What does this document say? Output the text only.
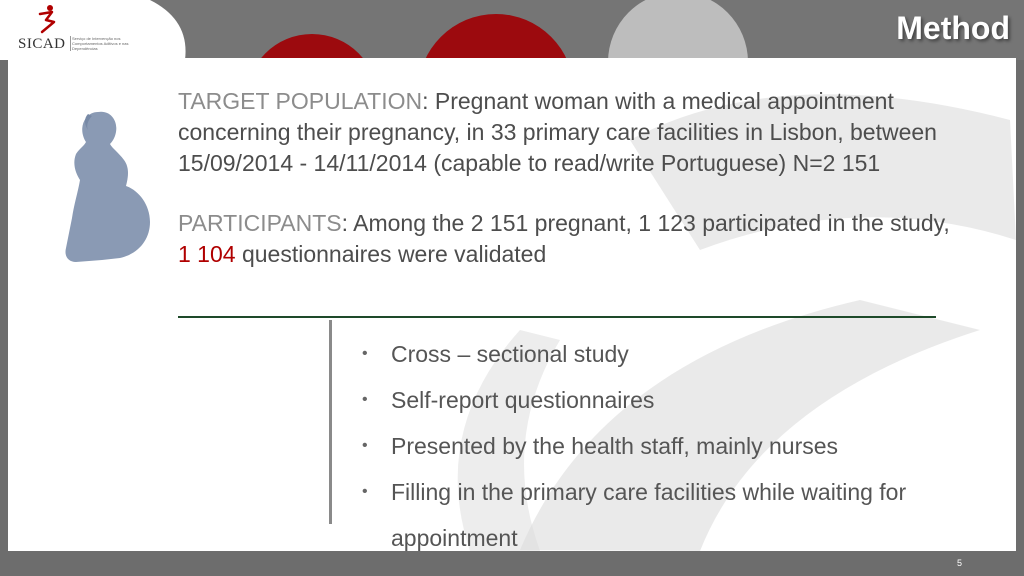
SICAD Serviço de Intervenção nos Comportamentos Aditivos e nas Dependências
Method

TARGET POPULATION: Pregnant woman with a medical appointment concerning their pregnancy, in 33 primary care facilities in Lisbon, between 15/09/2014 - 14/11/2014 (capable to read/write Portuguese) N=2 151

PARTICIPANTS: Among the 2 151 pregnant, 1 123 participated in the study, 1 104 questionnaires were validated

• Cross – sectional study
• Self-report questionnaires
• Presented by the health staff, mainly nurses
• Filling in the primary care facilities while waiting for appointment
5
